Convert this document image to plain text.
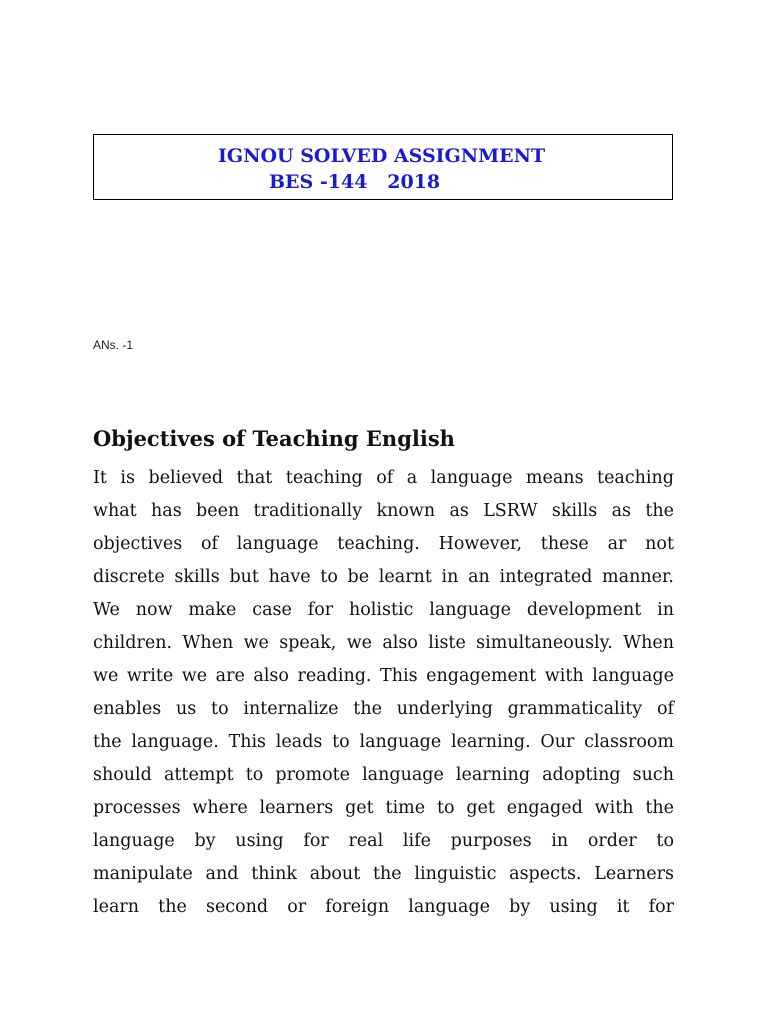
IGNOU SOLVED ASSIGNMENT
BES -144   2018
ANs. -1
Objectives of Teaching English
It is believed that teaching of a language means teaching
what has been traditionally known as LSRW skills as the
objectives of language teaching. However, these ar not
discrete skills but have to be learnt in an integrated manner.
We now make case for holistic language development in
children. When we speak, we also liste simultaneously. When
we write we are also reading. This engagement with language
enables us to internalize the underlying grammaticality of
the language. This leads to language learning. Our classroom
should attempt to promote language learning adopting such
processes where learners get time to get engaged with the
language by using for real life purposes in order to
manipulate and think about the linguistic aspects. Learners
learn the second or foreign language by using it for
